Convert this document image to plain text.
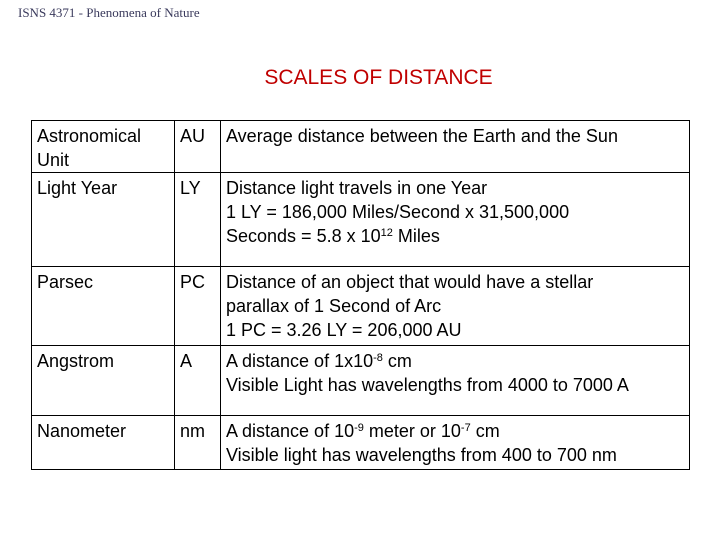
ISNS 4371 - Phenomena of Nature
SCALES OF DISTANCE
Astronomical Unit	AU	Average distance between the Earth and the Sun
Light Year	LY	Distance light travels in one Year
1 LY = 186,000 Miles/Second x 31,500,000
Seconds = 5.8 x $10^{12}$ Miles

Parsec	PC	Distance of an object that would have a stellar
parallax of 1 Second of Arc
1 PC = 3.26 LY = 206,000 AU

Angstrom	A	A distance of $1x10^{-8}$ cm
Visible Light has wavelengths from 4000 to 7000 A

Nanometer	nm	A distance of $10^{-9}$ meter or $10^{-7}$ cm
Visible light has wavelengths from 400 to 700 nm
